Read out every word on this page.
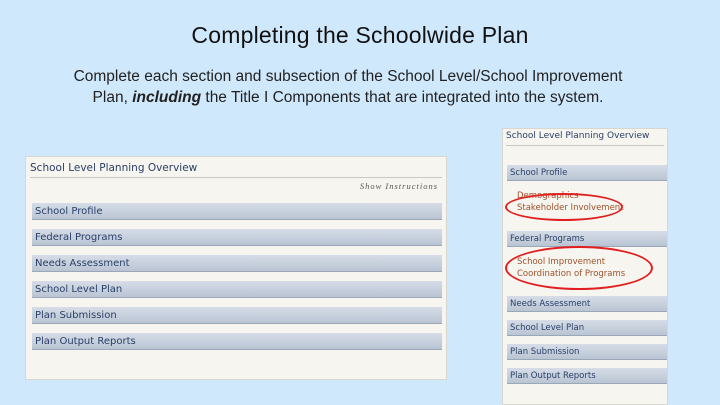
Completing the Schoolwide Plan
Complete each section and subsection of the School Level/School Improvement Plan, including the Title I Components that are integrated into the system.
School Level Planning Overview
Show Instructions
School Profile
Federal Programs
Needs Assessment
School Level Plan
Plan Submission
Plan Output Reports
School Level Planning Overview
School Profile
Demographics
Stakeholder Involvement
Federal Programs
School Improvement
Coordination of Programs
Needs Assessment
School Level Plan
Plan Submission
Plan Output Reports
